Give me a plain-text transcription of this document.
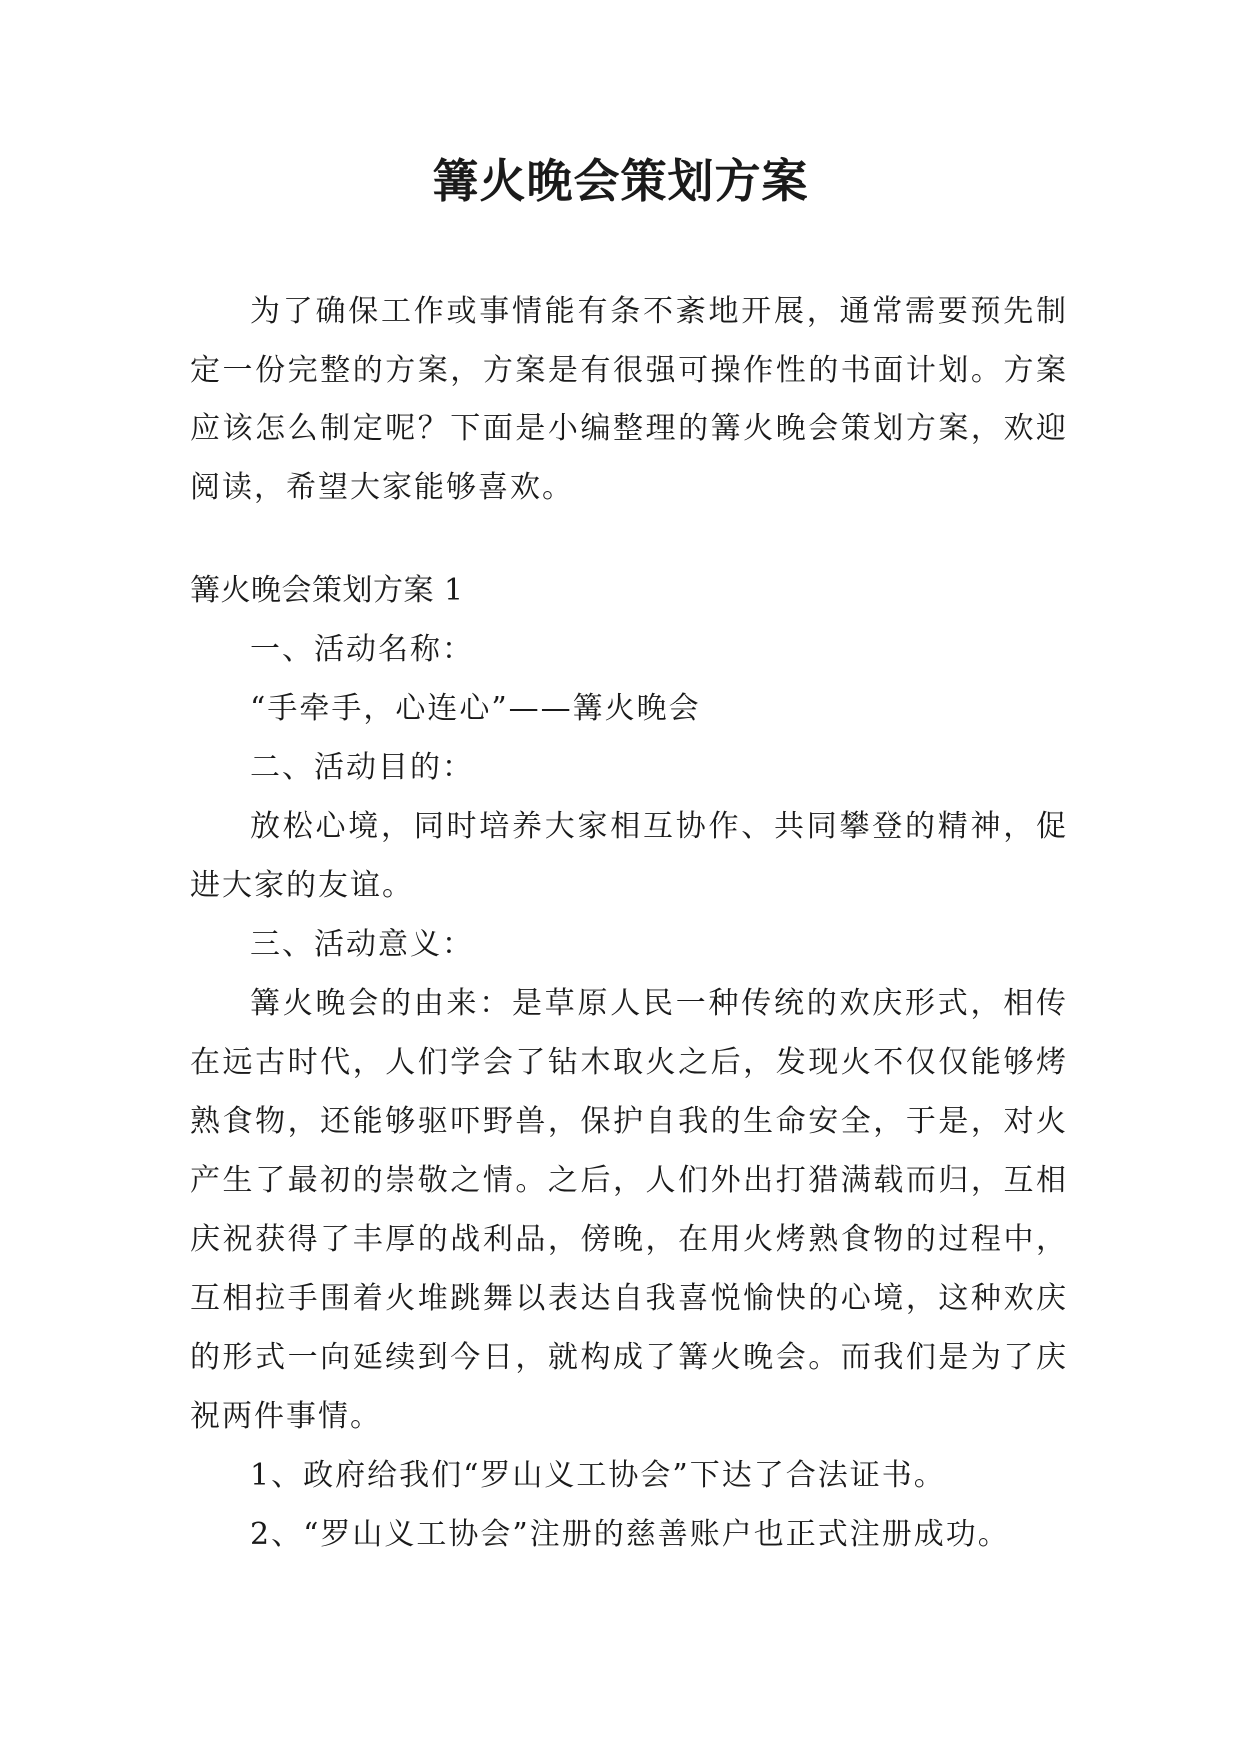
篝火晚会策划方案

为了确保工作或事情能有条不紊地开展，通常需要预先制定一份完整的方案，方案是有很强可操作性的书面计划。方案应该怎么制定呢？下面是小编整理的篝火晚会策划方案，欢迎阅读，希望大家能够喜欢。

篝火晚会策划方案 1

一、活动名称：

“手牵手，心连心”——篝火晚会

二、活动目的：

放松心境，同时培养大家相互协作、共同攀登的精神，促进大家的友谊。

三、活动意义：

篝火晚会的由来：是草原人民一种传统的欢庆形式，相传在远古时代，人们学会了钻木取火之后，发现火不仅仅能够烤熟食物，还能够驱吓野兽，保护自我的生命安全，于是，对火产生了最初的崇敬之情。之后，人们外出打猎满载而归，互相庆祝获得了丰厚的战利品，傍晚，在用火烤熟食物的过程中，互相拉手围着火堆跳舞以表达自我喜悦愉快的心境，这种欢庆的形式一向延续到今日，就构成了篝火晚会。而我们是为了庆祝两件事情。

1、政府给我们“罗山义工协会”下达了合法证书。

2、“罗山义工协会”注册的慈善账户也正式注册成功。
